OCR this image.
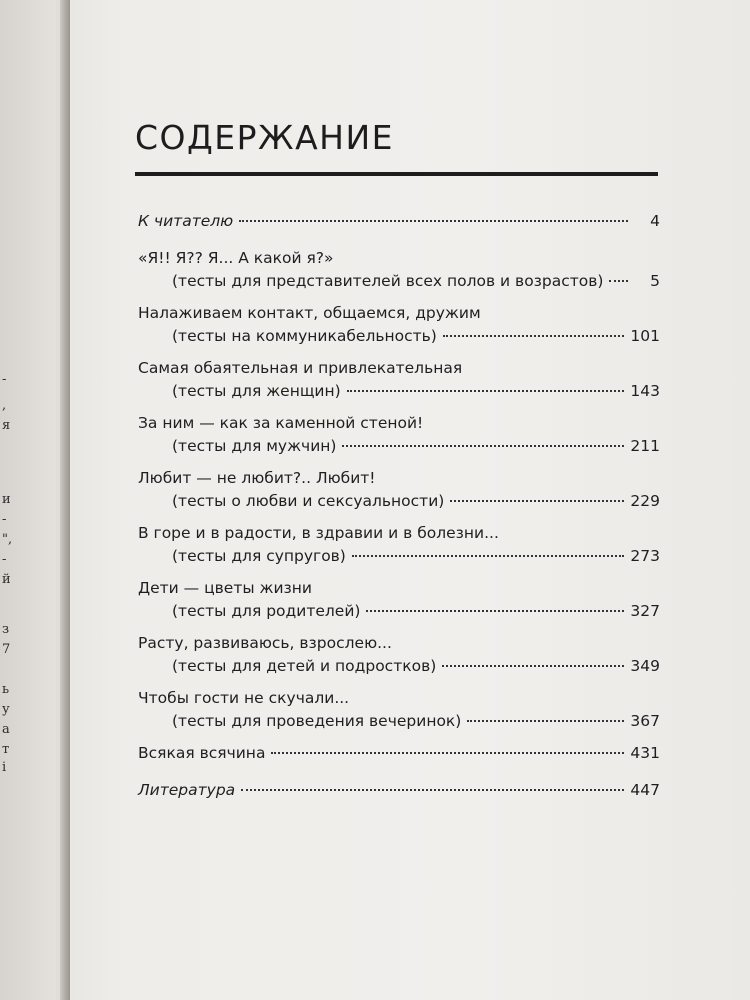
-
,
я
и
-
",
-
й
з
7
ь
у
а
т
і
СОДЕРЖАНИЕ
К читателю	4
«Я!! Я?? Я... А какой я?»
(тесты для представителей всех полов и возрастов)	5
Налаживаем контакт, общаемся, дружим
(тесты на коммуникабельность)	101
Самая обаятельная и привлекательная
(тесты для женщин)	143
За ним — как за каменной стеной!
(тесты для мужчин)	211
Любит — не любит?.. Любит!
(тесты о любви и сексуальности)	229
В горе и в радости, в здравии и в болезни...
(тесты для супругов)	273
Дети — цветы жизни
(тесты для родителей)	327
Расту, развиваюсь, взрослею...
(тесты для детей и подростков)	349
Чтобы гости не скучали...
(тесты для проведения вечеринок)	367
Всякая всячина	431
Литература	447
